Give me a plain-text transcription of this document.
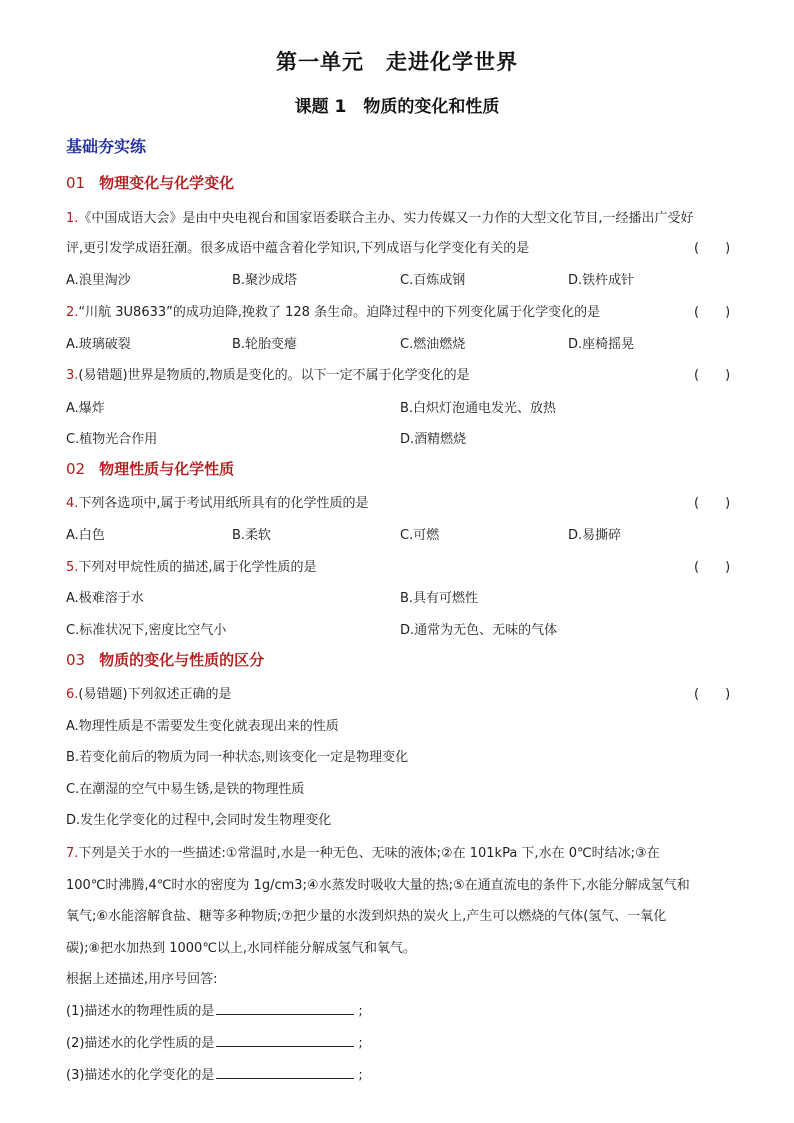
第一单元　走进化学世界
课题 1　物质的变化和性质
基础夯实练
01 物理变化与化学变化
1.《中国成语大会》是由中央电视台和国家语委联合主办、实力传媒又一力作的大型文化节目,一经播出广受好
评,更引发学成语狂潮。很多成语中蕴含着化学知识,下列成语与化学变化有关的是	(　　)
A.浪里淘沙	B.聚沙成塔	C.百炼成钢	D.铁杵成针
2.“川航 3U8633”的成功迫降,挽救了 128 条生命。迫降过程中的下列变化属于化学变化的是	(　　)
A.玻璃破裂	B.轮胎变瘪	C.燃油燃烧	D.座椅摇晃
3.(易错题)世界是物质的,物质是变化的。以下一定不属于化学变化的是	(　　)
A.爆炸	B.白炽灯泡通电发光、放热
C.植物光合作用	D.酒精燃烧
02 物理性质与化学性质
4.下列各选项中,属于考试用纸所具有的化学性质的是	(　　)
A.白色	B.柔软	C.可燃	D.易撕碎
5.下列对甲烷性质的描述,属于化学性质的是	(　　)
A.极难溶于水	B.具有可燃性
C.标准状况下,密度比空气小	D.通常为无色、无味的气体
03 物质的变化与性质的区分
6.(易错题)下列叙述正确的是	(　　)
A.物理性质是不需要发生变化就表现出来的性质
B.若变化前后的物质为同一种状态,则该变化一定是物理变化
C.在潮湿的空气中易生锈,是铁的物理性质
D.发生化学变化的过程中,会同时发生物理变化
7.下列是关于水的一些描述:①常温时,水是一种无色、无味的液体;②在 101kPa 下,水在 0℃时结冰;③在
100℃时沸腾,4℃时水的密度为 1g/cm3;④水蒸发时吸收大量的热;⑤在通直流电的条件下,水能分解成氢气和
氧气;⑥水能溶解食盐、糖等多种物质;⑦把少量的水泼到炽热的炭火上,产生可以燃烧的气体(氢气、一氧化
碳);⑧把水加热到 1000℃以上,水同样能分解成氢气和氧气。
根据上述描述,用序号回答:
(1)描述水的物理性质的是	;
(2)描述水的化学性质的是	;
(3)描述水的化学变化的是	;
